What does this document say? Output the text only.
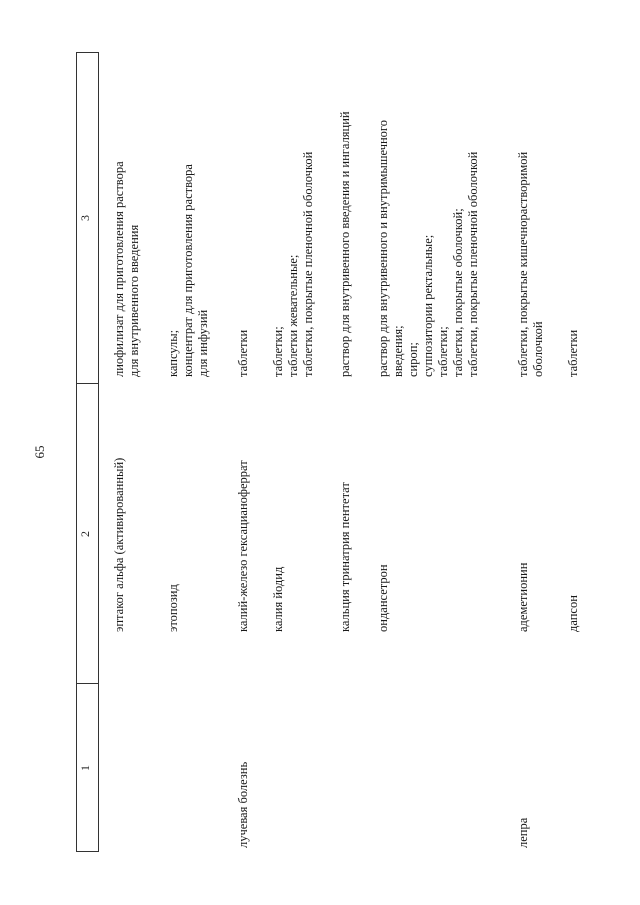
65
1
2
3
эптаког альфа (активированный)
лиофилизат для приготовления раствора для внутривенного введения
этопозид
капсулы; концентрат для приготовления раствора для инфузий
лучевая болезнь
калий-железо гексацианоферрат
таблетки
калия йодид
таблетки; таблетки жевательные; таблетки, покрытые пленочной оболочкой
кальция тринатрия пентетат
раствор для внутривенного введения и ингаляций
ондансетрон
раствор для внутривенного и внутримышечного введения; сироп; суппозитории ректальные; таблетки; таблетки, покрытые оболочкой; таблетки, покрытые пленочной оболочкой
лепра
адеметионин
таблетки, покрытые кишечнорастворимой оболочкой
дапсон
таблетки
